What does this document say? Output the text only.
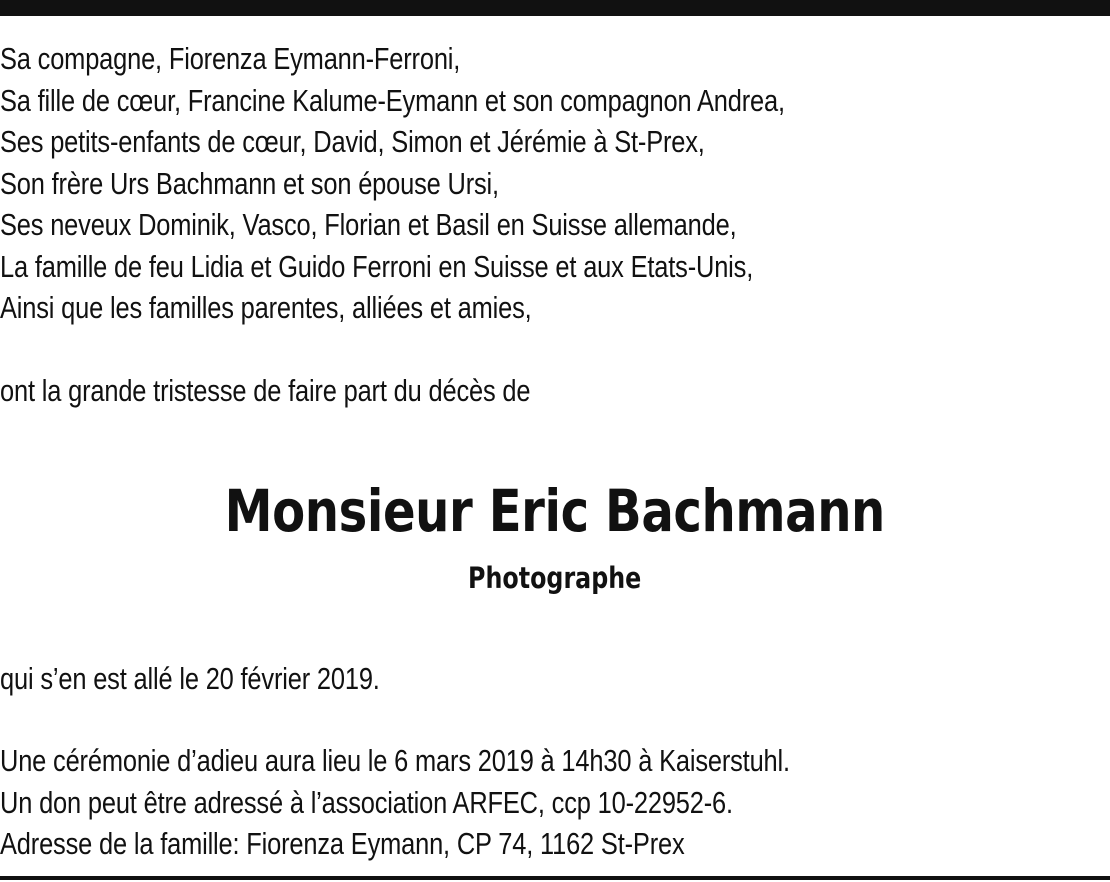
Sa compagne, Fiorenza Eymann-Ferroni,
Sa fille de cœur, Francine Kalume-Eymann et son compagnon Andrea,
Ses petits-enfants de cœur, David, Simon et Jérémie à St-Prex,
Son frère Urs Bachmann et son épouse Ursi,
Ses neveux Dominik, Vasco, Florian et Basil en Suisse allemande,
La famille de feu Lidia et Guido Ferroni en Suisse et aux Etats-Unis,
Ainsi que les familles parentes, alliées et amies,
ont la grande tristesse de faire part du décès de
Monsieur Eric Bachmann
Photographe
qui s’en est allé le 20 février 2019.
Une cérémonie d’adieu aura lieu le 6 mars 2019 à 14h30 à Kaiserstuhl.
Un don peut être adressé à l’association ARFEC, ccp 10-22952-6.
Adresse de la famille: Fiorenza Eymann, CP 74, 1162 St-Prex
